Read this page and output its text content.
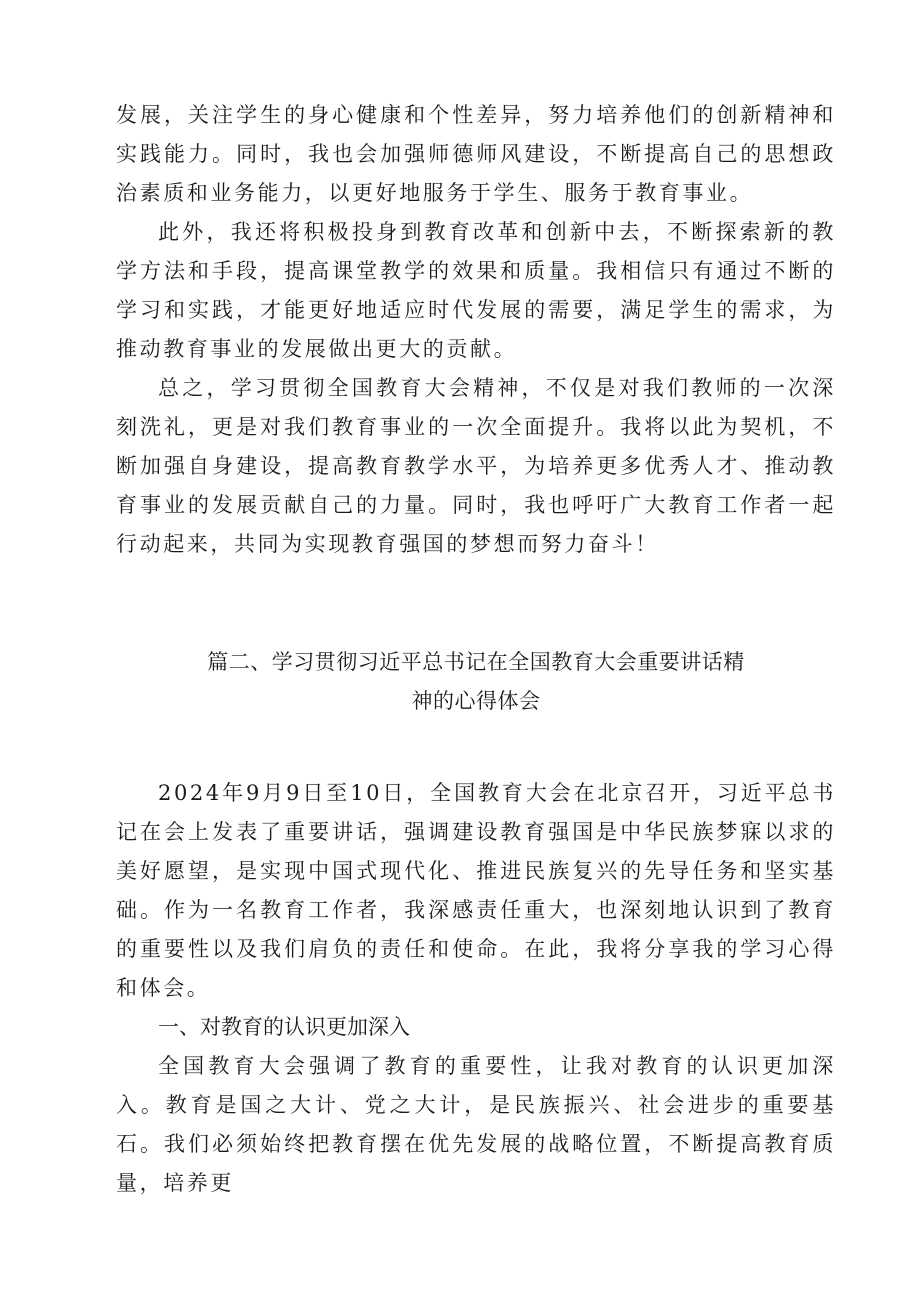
发展，关注学生的身心健康和个性差异，努力培养他们的创新精神和实践能力。同时，我也会加强师德师风建设，不断提高自己的思想政治素质和业务能力，以更好地服务于学生、服务于教育事业。

此外，我还将积极投身到教育改革和创新中去，不断探索新的教学方法和手段，提高课堂教学的效果和质量。我相信只有通过不断的学习和实践，才能更好地适应时代发展的需要，满足学生的需求，为推动教育事业的发展做出更大的贡献。

总之，学习贯彻全国教育大会精神，不仅是对我们教师的一次深刻洗礼，更是对我们教育事业的一次全面提升。我将以此为契机，不断加强自身建设，提高教育教学水平，为培养更多优秀人才、推动教育事业的发展贡献自己的力量。同时，我也呼吁广大教育工作者一起行动起来，共同为实现教育强国的梦想而努力奋斗！

篇二、学习贯彻习近平总书记在全国教育大会重要讲话精

神的心得体会

2024年9月9日至10日，全国教育大会在北京召开，习近平总书记在会上发表了重要讲话，强调建设教育强国是中华民族梦寐以求的美好愿望，是实现中国式现代化、推进民族复兴的先导任务和坚实基础。作为一名教育工作者，我深感责任重大，也深刻地认识到了教育的重要性以及我们肩负的责任和使命。在此，我将分享我的学习心得和体会。

一、对教育的认识更加深入

全国教育大会强调了教育的重要性，让我对教育的认识更加深入。教育是国之大计、党之大计，是民族振兴、社会进步的重要基石。我们必须始终把教育摆在优先发展的战略位置，不断提高教育质量，培养更
